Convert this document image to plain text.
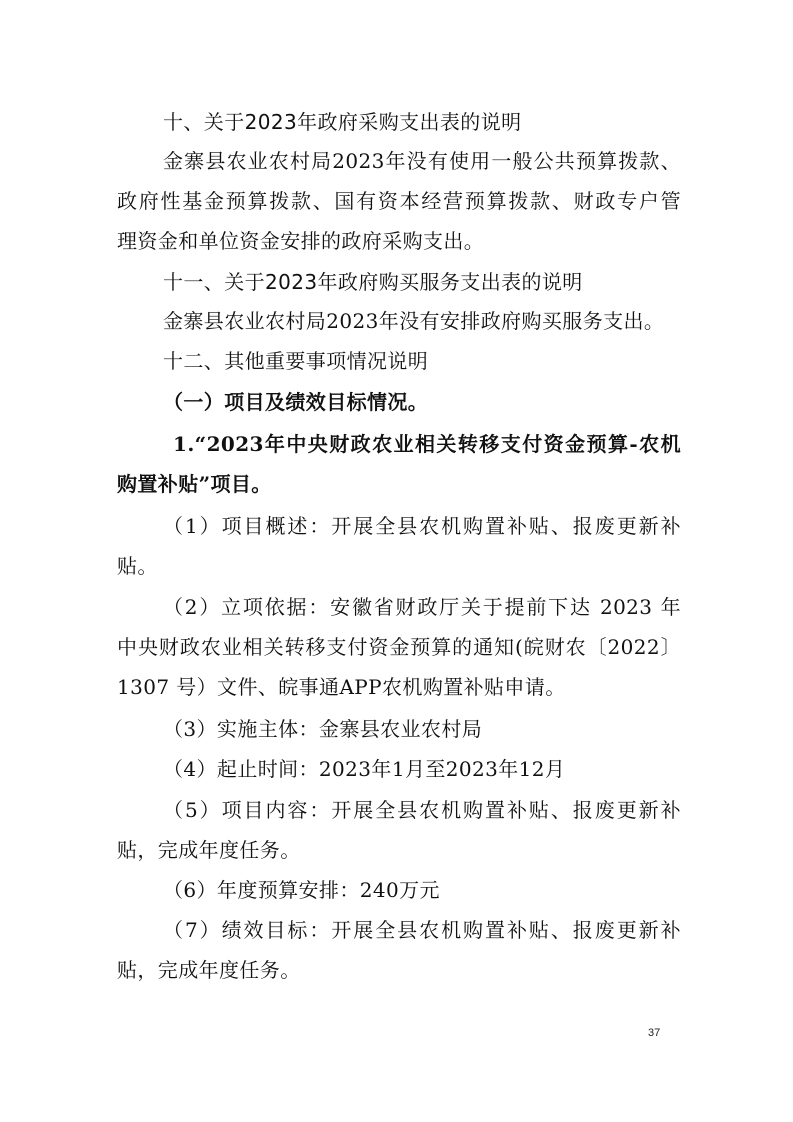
十、关于2023年政府采购支出表的说明
金寨县农业农村局2023年没有使用一般公共预算拨款、
政府性基金预算拨款、国有资本经营预算拨款、财政专户管
理资金和单位资金安排的政府采购支出。
十一、关于2023年政府购买服务支出表的说明
金寨县农业农村局2023年没有安排政府购买服务支出。
十二、其他重要事项情况说明
（一）项目及绩效目标情况。
1.“2023年中央财政农业相关转移支付资金预算-农机
购置补贴”项目。
（1）项目概述：开展全县农机购置补贴、报废更新补
贴。
（2）立项依据：安徽省财政厅关于提前下达 2023 年
中央财政农业相关转移支付资金预算的通知(皖财农〔2022〕
1307 号）文件、皖事通APP农机购置补贴申请。
（3）实施主体：金寨县农业农村局
（4）起止时间：2023年1月至2023年12月
（5）项目内容：开展全县农机购置补贴、报废更新补
贴，完成年度任务。
（6）年度预算安排：240万元
（7）绩效目标：开展全县农机购置补贴、报废更新补
贴，完成年度任务。
37
